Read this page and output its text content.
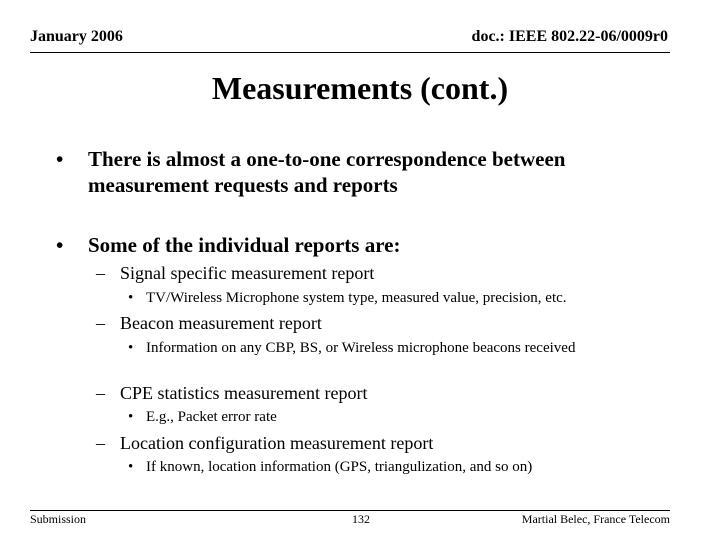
January 2006	doc.: IEEE 802.22-06/0009r0
Measurements (cont.)
• There is almost a one-to-one correspondence between measurement requests and reports
• Some of the individual reports are:
– Signal specific measurement report
• TV/Wireless Microphone system type, measured value, precision, etc.
– Beacon measurement report
• Information on any CBP, BS, or Wireless microphone beacons received
– CPE statistics measurement report
• E.g., Packet error rate
– Location configuration measurement report
• If known, location information (GPS, triangulization, and so on)
Submission	132	Martial Belec, France Telecom
